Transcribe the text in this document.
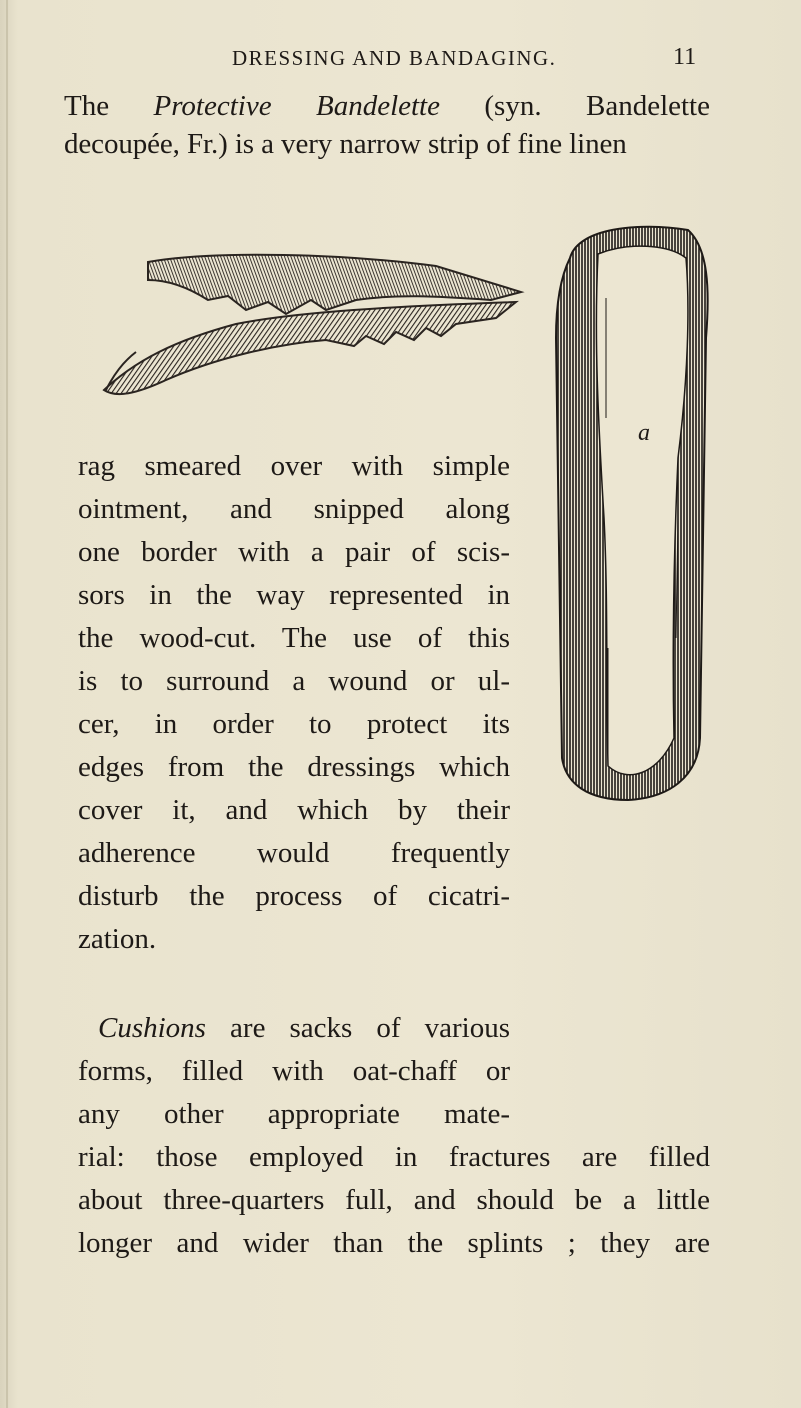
DRESSING AND BANDAGING.	11
The Protective Bandelette (syn. Bandelette
decoupée, Fr.) is a very narrow strip of fine linen
a
rag smeared over with simple
ointment, and snipped along
one border with a pair of scis-
sors in the way represented in
the wood-cut. The use of this
is to surround a wound or ul-
cer, in order to protect its
edges from the dressings which
cover it, and which by their
adherence would frequently
disturb the process of cicatri-
zation.
Cushions are sacks of various
forms, filled with oat-chaff or
any other appropriate mate-
rial: those employed in fractures are filled
about three-quarters full, and should be a little
longer and wider than the splints ; they are
